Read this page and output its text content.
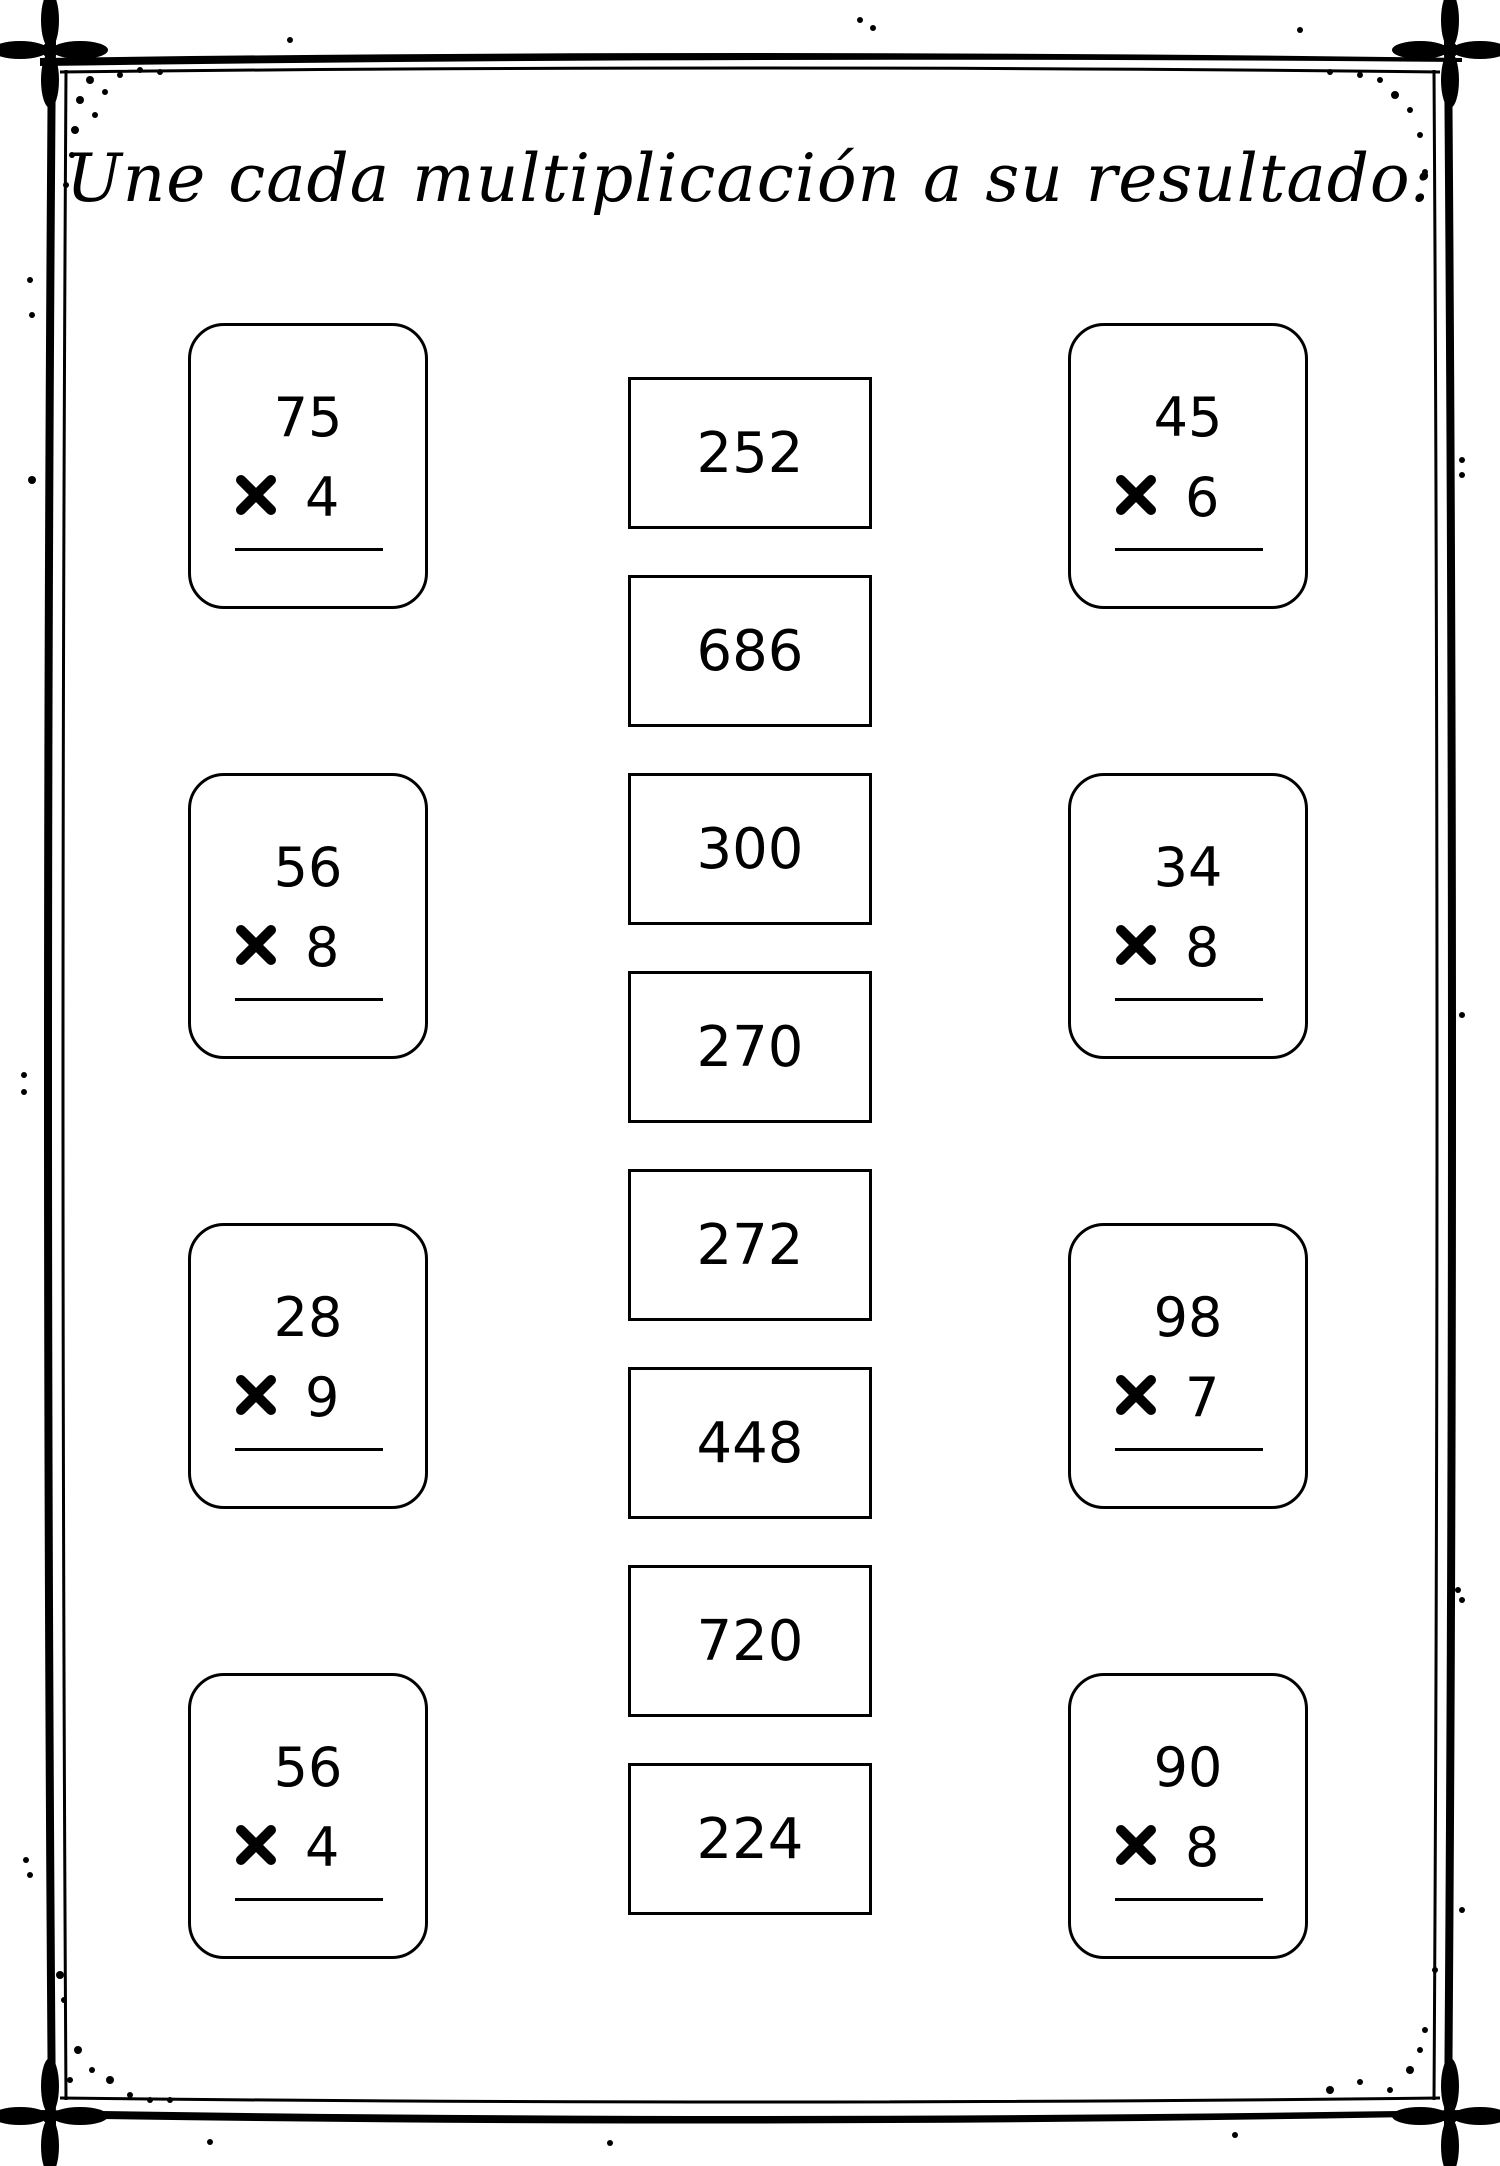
Une cada multiplicación a su resultado:
75
4
56
8
28
9
56
4
45
6
34
8
98
7
90
8
252
686
300
270
272
448
720
224
